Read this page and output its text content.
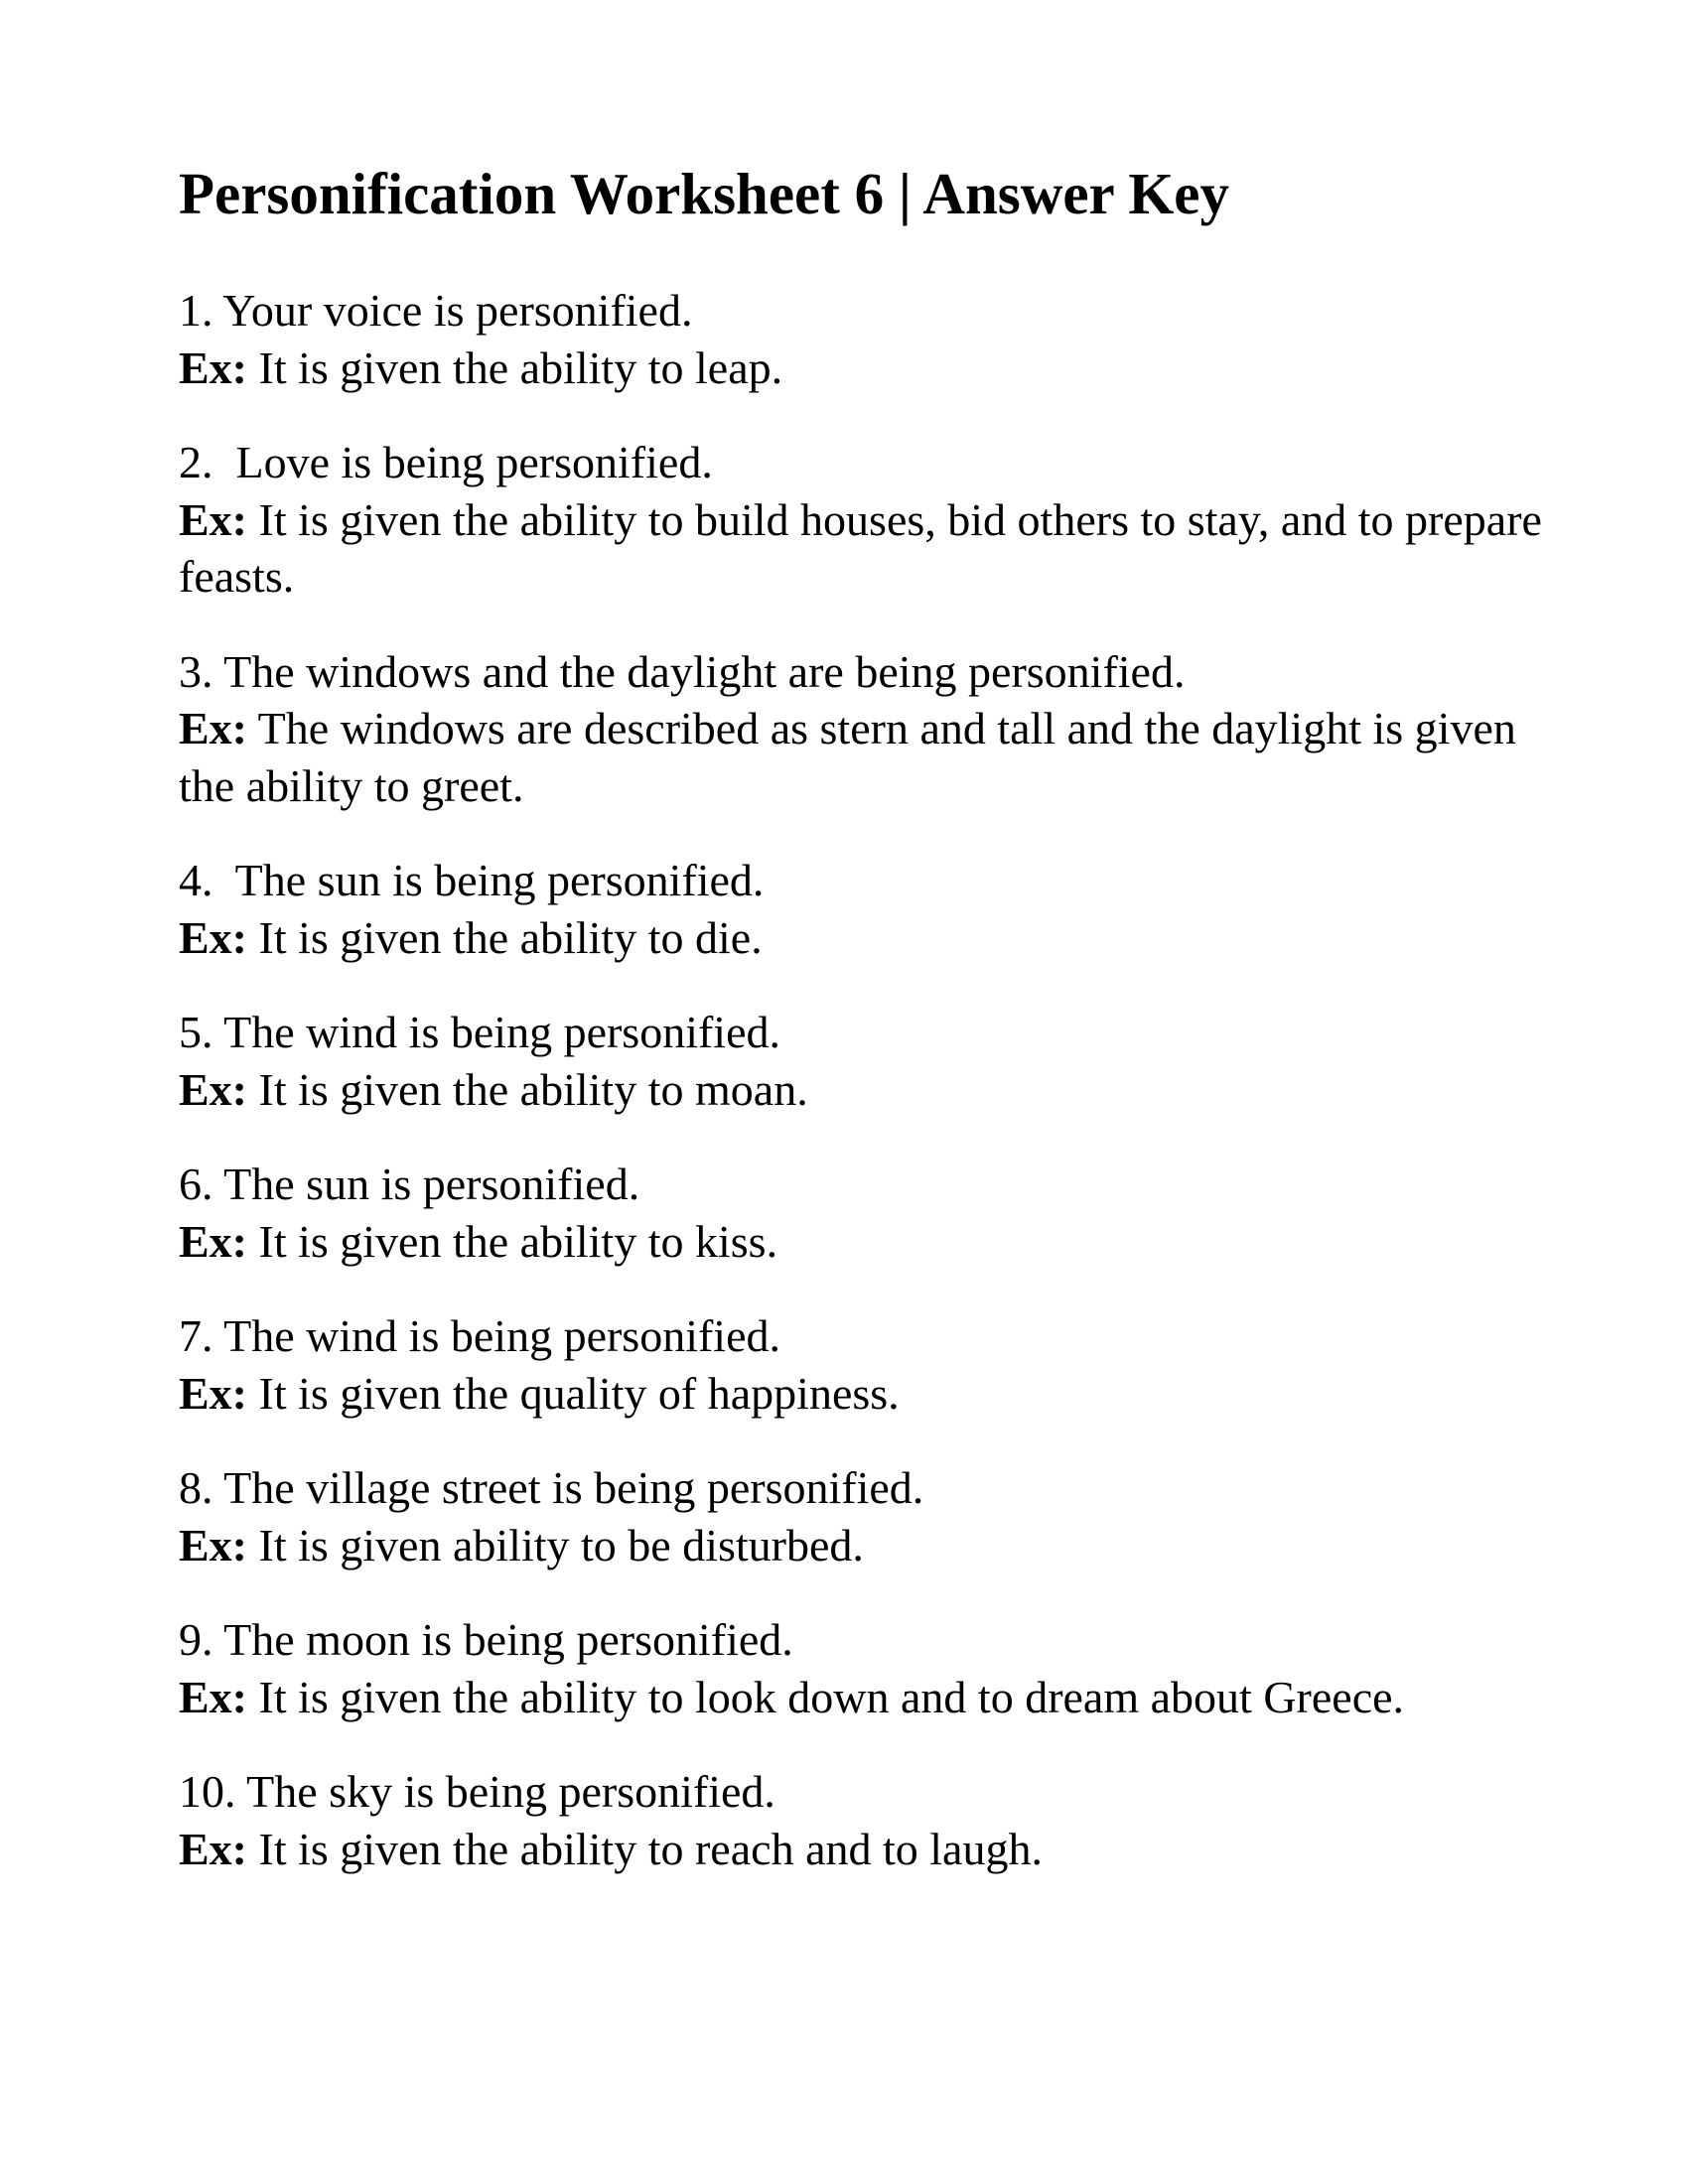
Personification Worksheet 6 | Answer Key
1. Your voice is personified.
Ex: It is given the ability to leap.
2.  Love is being personified.
Ex: It is given the ability to build houses, bid others to stay, and to prepare feasts.
3. The windows and the daylight are being personified.
Ex: The windows are described as stern and tall and the daylight is given the ability to greet.
4.  The sun is being personified.
Ex: It is given the ability to die.
5. The wind is being personified.
Ex: It is given the ability to moan.
6. The sun is personified.
Ex: It is given the ability to kiss.
7. The wind is being personified.
Ex: It is given the quality of happiness.
8. The village street is being personified.
Ex: It is given ability to be disturbed.
9. The moon is being personified.
Ex: It is given the ability to look down and to dream about Greece.
10. The sky is being personified.
Ex: It is given the ability to reach and to laugh.
